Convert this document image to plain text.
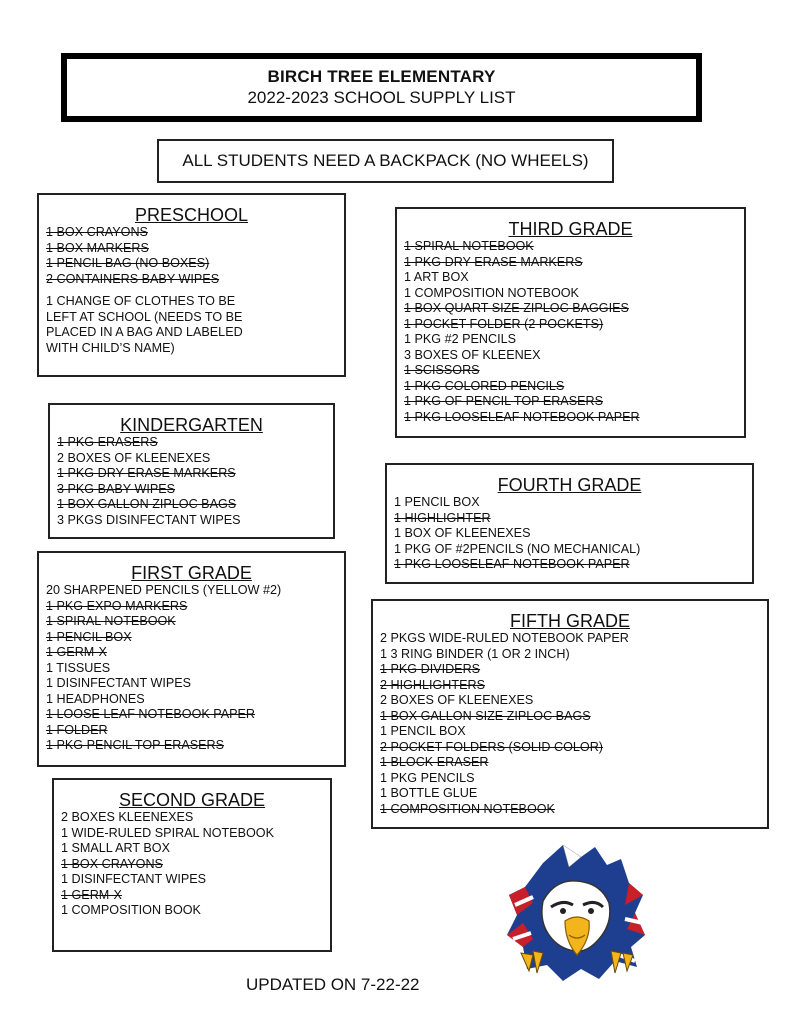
BIRCH TREE ELEMENTARY
2022-2023 SCHOOL SUPPLY LIST
ALL STUDENTS NEED A BACKPACK (NO WHEELS)
PRESCHOOL
1 BOX CRAYONS
1 BOX MARKERS
1 PENCIL BAG (NO BOXES)
2 CONTAINERS BABY WIPES
1 CHANGE OF CLOTHES TO BE
LEFT AT SCHOOL (NEEDS TO BE
PLACED IN A BAG AND LABELED
WITH CHILD’S NAME)
KINDERGARTEN
1 PKG ERASERS
2 BOXES OF KLEENEXES
1 PKG DRY ERASE MARKERS
3 PKG BABY WIPES
1 BOX GALLON ZIPLOC BAGS
3 PKGS DISINFECTANT WIPES
FIRST GRADE
20 SHARPENED PENCILS (YELLOW #2)
1 PKG EXPO MARKERS
1 SPIRAL NOTEBOOK
1 PENCIL BOX
1 GERM-X
1 TISSUES
1 DISINFECTANT WIPES
1 HEADPHONES
1 LOOSE LEAF NOTEBOOK PAPER
1 FOLDER
1 PKG PENCIL TOP ERASERS
SECOND GRADE
2 BOXES KLEENEXES
1 WIDE-RULED SPIRAL NOTEBOOK
1 SMALL ART BOX
1 BOX CRAYONS
1 DISINFECTANT WIPES
1 GERM-X
1 COMPOSITION BOOK
THIRD GRADE
1 SPIRAL NOTEBOOK
1 PKG DRY ERASE MARKERS
1 ART BOX
1 COMPOSITION NOTEBOOK
1 BOX QUART SIZE ZIPLOC BAGGIES
1 POCKET FOLDER (2 POCKETS)
1 PKG #2 PENCILS
3 BOXES OF KLEENEX
1 SCISSORS
1 PKG COLORED PENCILS
1 PKG OF PENCIL TOP ERASERS
1 PKG LOOSELEAF NOTEBOOK PAPER
FOURTH GRADE
1 PENCIL BOX
1 HIGHLIGHTER
1 BOX OF KLEENEXES
1 PKG OF #2PENCILS (NO MECHANICAL)
1 PKG LOOSELEAF NOTEBOOK PAPER
FIFTH GRADE
2 PKGS WIDE-RULED NOTEBOOK PAPER
1 3 RING BINDER (1 OR 2 INCH)
1 PKG DIVIDERS
2 HIGHLIGHTERS
2 BOXES OF KLEENEXES
1 BOX GALLON SIZE ZIPLOC BAGS
1 PENCIL BOX
2 POCKET FOLDERS (SOLID COLOR)
1 BLOCK ERASER
1 PKG PENCILS
1 BOTTLE GLUE
1 COMPOSITION NOTEBOOK
UPDATED ON 7-22-22
